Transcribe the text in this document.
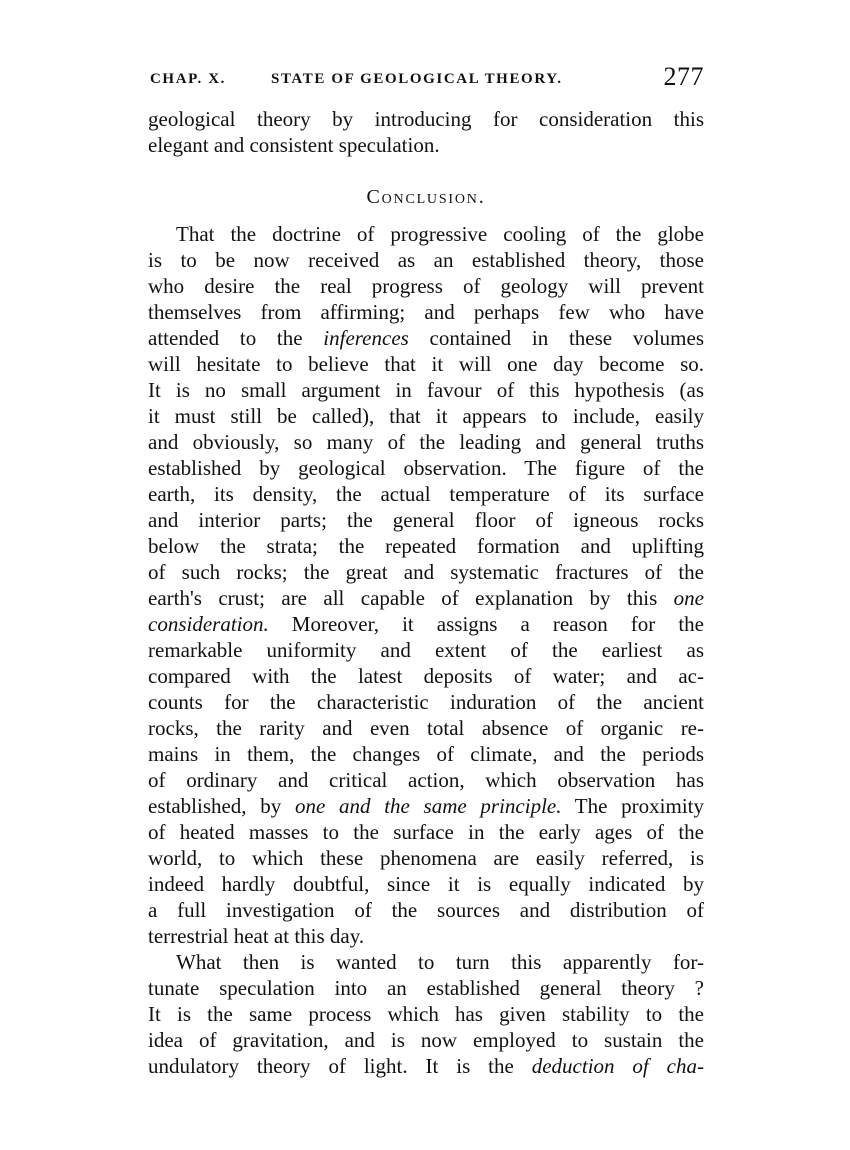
CHAP. X.	STATE OF GEOLOGICAL THEORY.	277
geological theory by introducing for consideration this
elegant and consistent speculation.
Conclusion.
That the doctrine of progressive cooling of the globe
is to be now received as an established theory, those
who desire the real progress of geology will prevent
themselves from affirming; and perhaps few who have
attended to the inferences contained in these volumes
will hesitate to believe that it will one day become so.
It is no small argument in favour of this hypothesis (as
it must still be called), that it appears to include, easily
and obviously, so many of the leading and general truths
established by geological observation. The figure of the
earth, its density, the actual temperature of its surface
and interior parts; the general floor of igneous rocks
below the strata; the repeated formation and uplifting
of such rocks; the great and systematic fractures of the
earth's crust; are all capable of explanation by this one
consideration. Moreover, it assigns a reason for the
remarkable uniformity and extent of the earliest as
compared with the latest deposits of water; and ac-
counts for the characteristic induration of the ancient
rocks, the rarity and even total absence of organic re-
mains in them, the changes of climate, and the periods
of ordinary and critical action, which observation has
established, by one and the same principle. The proximity
of heated masses to the surface in the early ages of the
world, to which these phenomena are easily referred, is
indeed hardly doubtful, since it is equally indicated by
a full investigation of the sources and distribution of
terrestrial heat at this day.
What then is wanted to turn this apparently for-
tunate speculation into an established general theory ?
It is the same process which has given stability to the
idea of gravitation, and is now employed to sustain the
undulatory theory of light. It is the deduction of cha-
